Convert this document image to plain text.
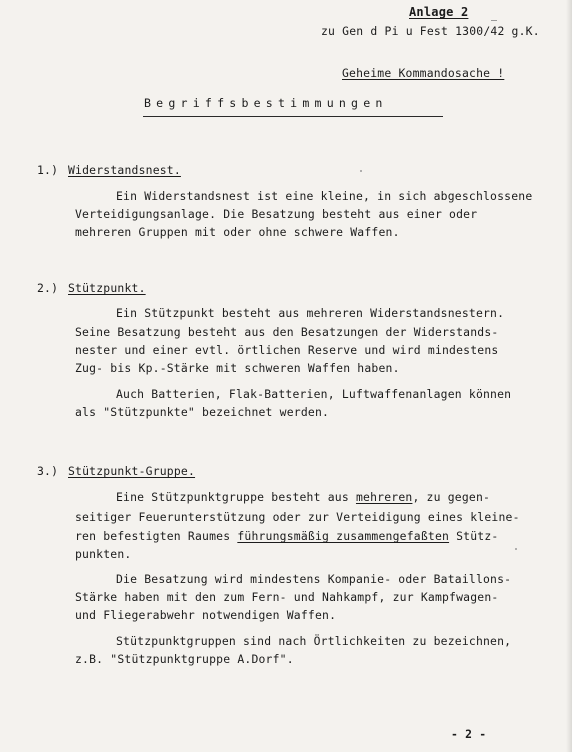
Anlage 2
zu Gen d Pi u Fest 1300/42 g.K.
Geheime Kommandosache !
Begriffsbestimmungen
1.) Widerstandsnest.
Ein Widerstandsnest ist eine kleine, in sich abgeschlossene
Verteidigungsanlage. Die Besatzung besteht aus einer oder
mehreren Gruppen mit oder ohne schwere Waffen.
2.) Stützpunkt.
Ein Stützpunkt besteht aus mehreren Widerstandsnestern.
Seine Besatzung besteht aus den Besatzungen der Widerstands-
nester und einer evtl. örtlichen Reserve und wird mindestens
Zug- bis Kp.-Stärke mit schweren Waffen haben.
Auch Batterien, Flak-Batterien, Luftwaffenanlagen können
als "Stützpunkte" bezeichnet werden.
3.) Stützpunkt-Gruppe.
Eine Stützpunktgruppe besteht aus mehreren, zu gegen-
seitiger Feuerunterstützung oder zur Verteidigung eines kleine-
ren befestigten Raumes führungsmäßig zusammengefaßten Stütz-
punkten.
Die Besatzung wird mindestens Kompanie- oder Bataillons-
Stärke haben mit den zum Fern- und Nahkampf, zur Kampfwagen-
und Fliegerabwehr notwendigen Waffen.
Stützpunktgruppen sind nach Örtlichkeiten zu bezeichnen,
z.B. "Stützpunktgruppe A.Dorf".
- 2 -
